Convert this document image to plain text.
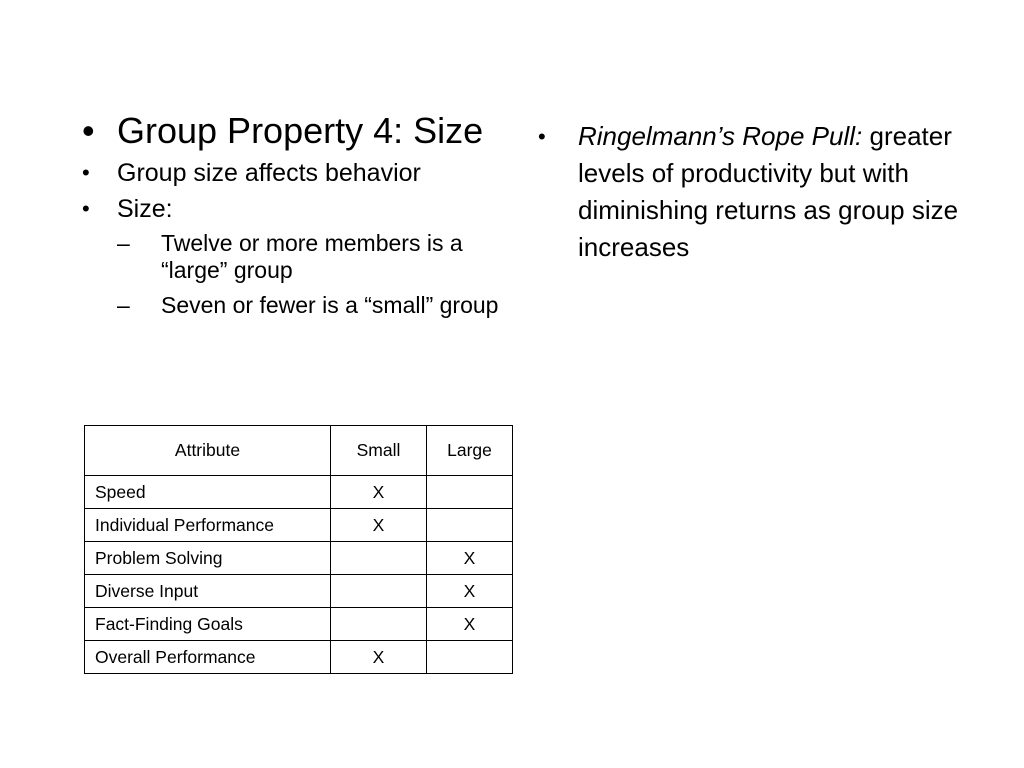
• Group Property 4: Size
• Group size affects behavior
• Size:
– Twelve or more members is a “large” group
– Seven or fewer is a “small” group
• Ringelmann’s Rope Pull: greater levels of productivity but with diminishing returns as group size increases
Attribute	Small	Large
Speed	X	
Individual Performance	X	
Problem Solving		X
Diverse Input		X
Fact-Finding Goals		X
Overall Performance	X	
